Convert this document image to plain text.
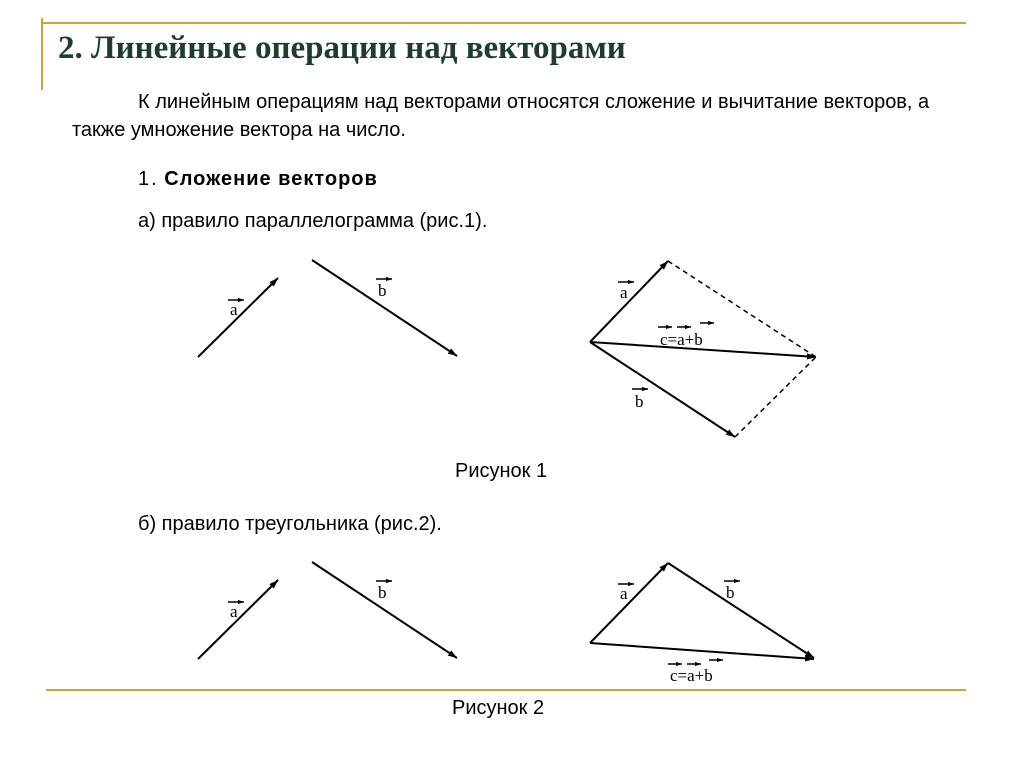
2. Линейные операции над векторами
К линейным операциям над векторами относятся сложение и вычитание векторов, а также умножение вектора на число.
1. Сложение векторов
а) правило параллелограмма (рис.1).
Рисунок 1
б) правило треугольника (рис.2).
Рисунок 2
a
b	a
c=a+b
b
a
b	a	b
c=a+b
